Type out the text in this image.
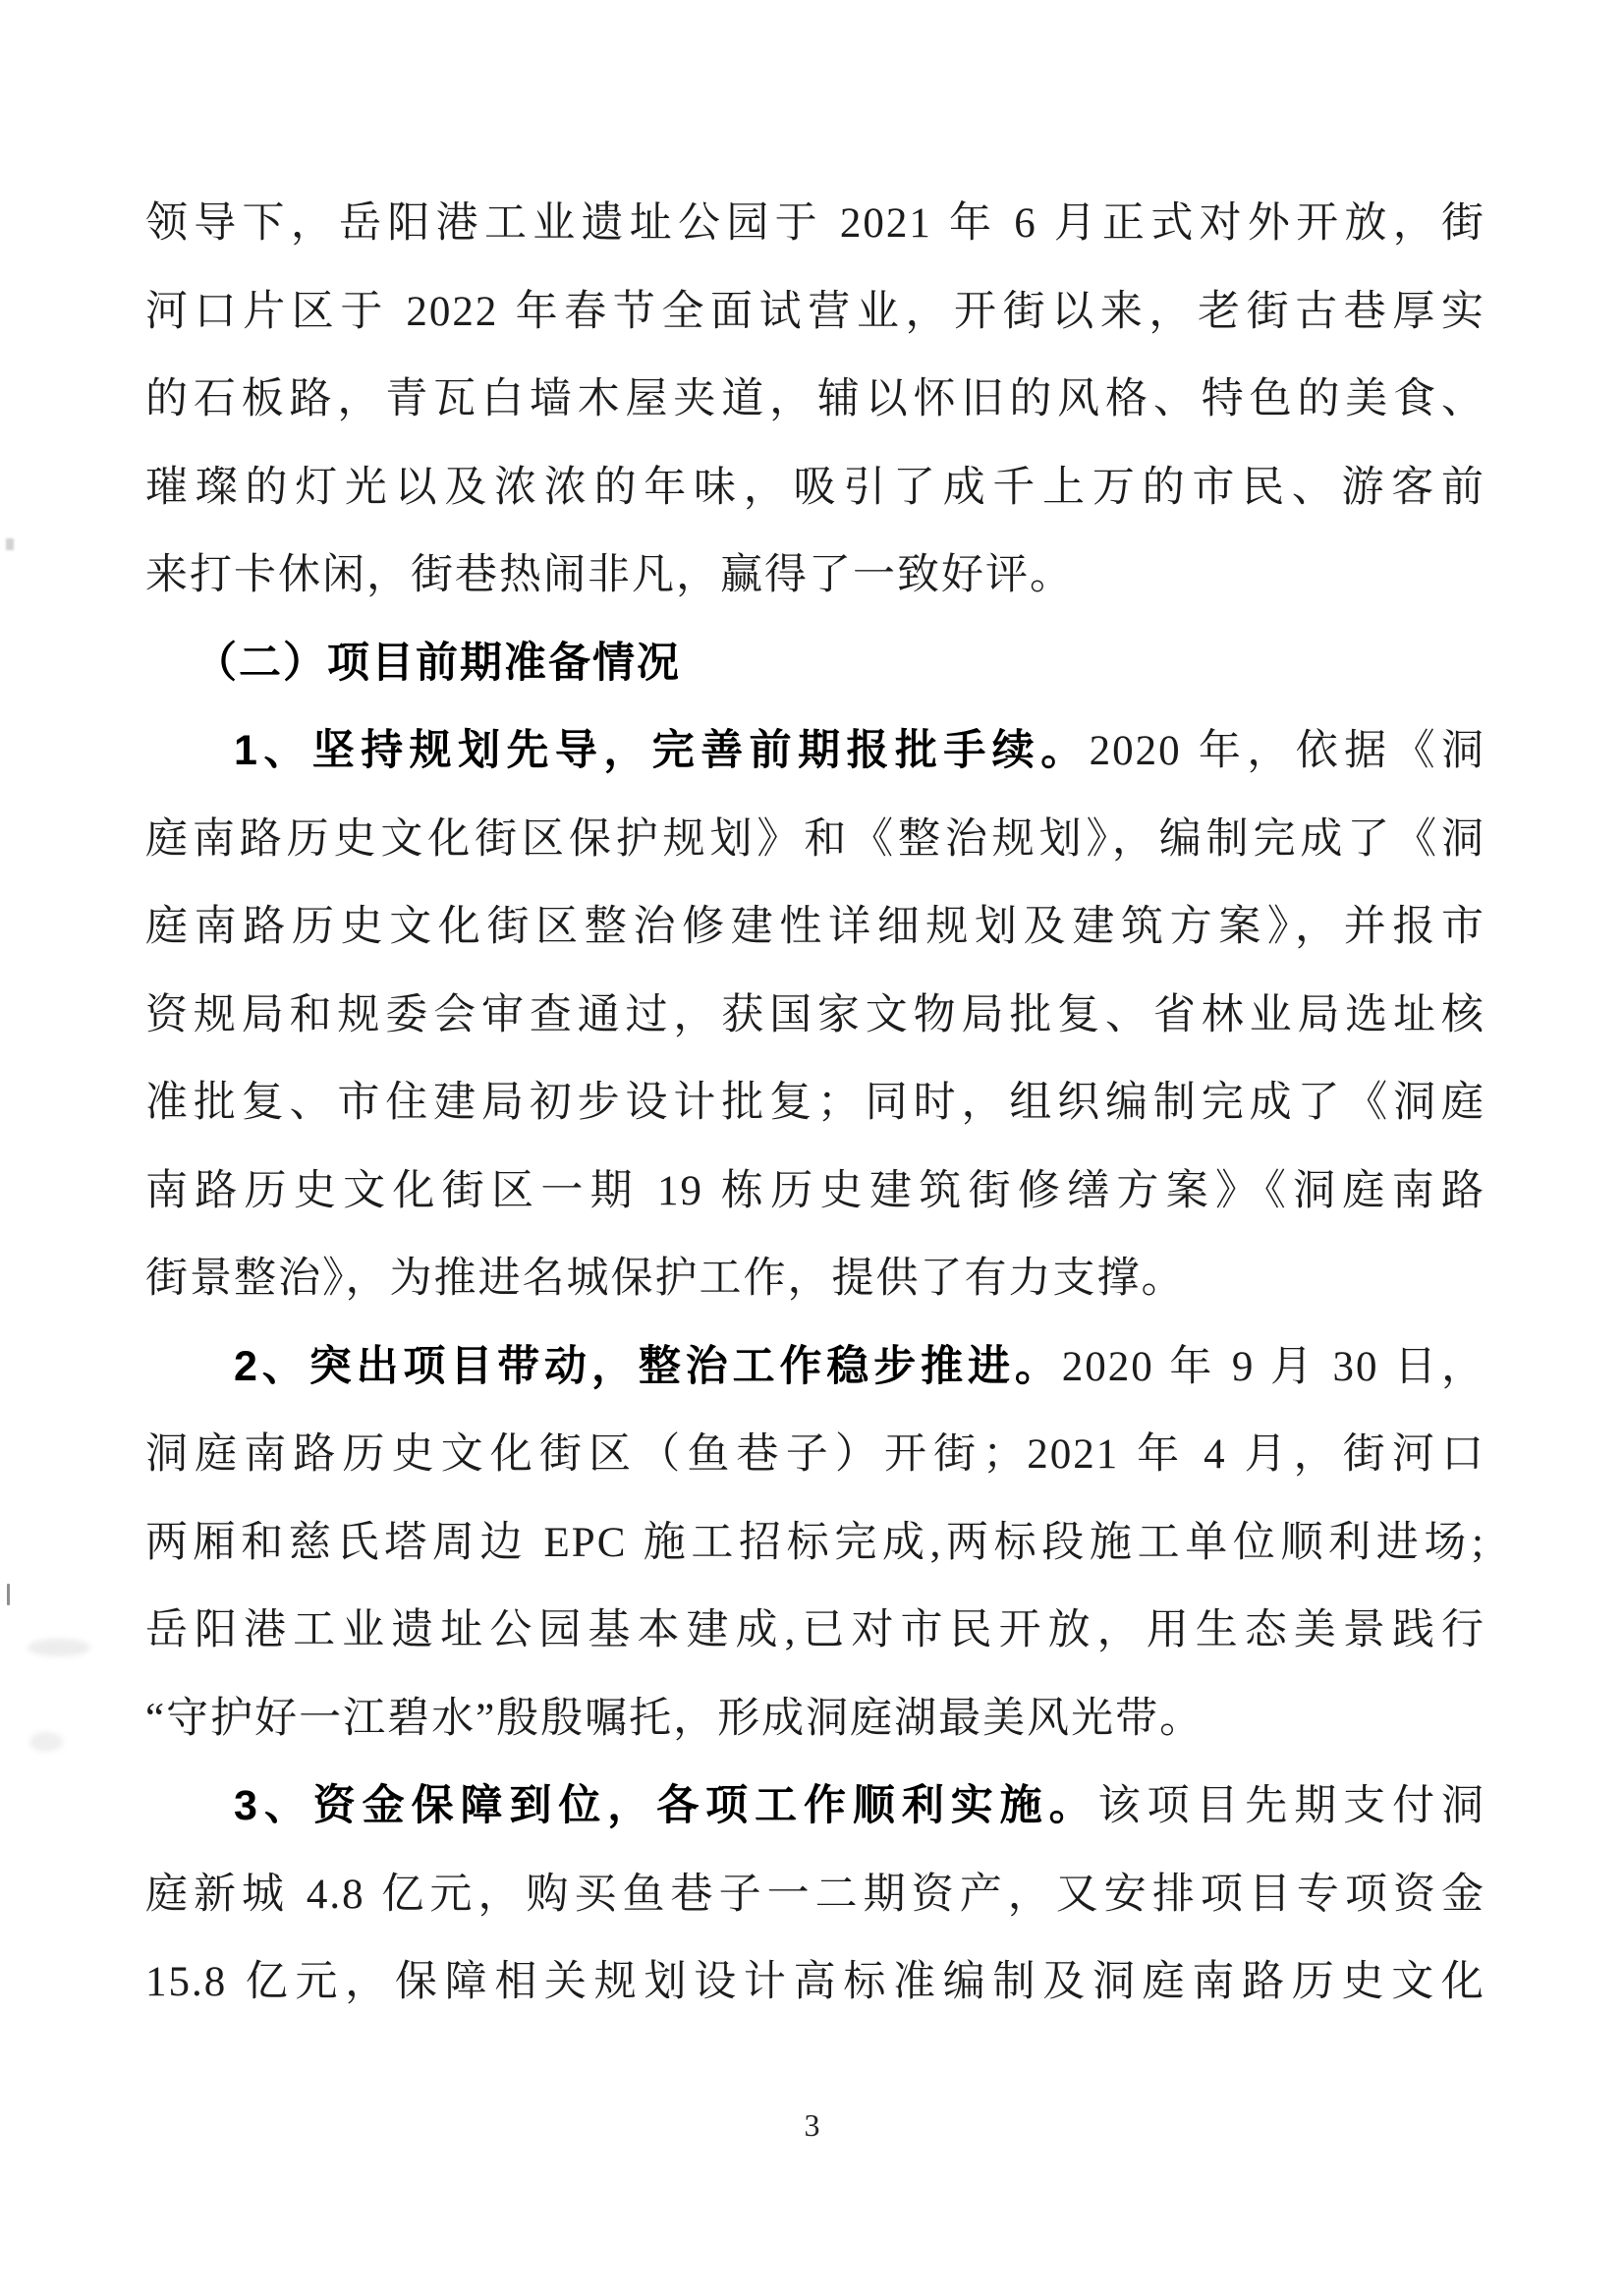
领导下，岳阳港工业遗址公园于 2021 年 6 月正式对外开放，街
河口片区于 2022 年春节全面试营业，开街以来，老街古巷厚实
的石板路，青瓦白墙木屋夹道，辅以怀旧的风格、特色的美食、
璀璨的灯光以及浓浓的年味，吸引了成千上万的市民、游客前
来打卡休闲，街巷热闹非凡，赢得了一致好评。
（二）项目前期准备情况
1、坚持规划先导，完善前期报批手续。2020 年，依据《洞
庭南路历史文化街区保护规划》和《整治规划》，编制完成了《洞
庭南路历史文化街区整治修建性详细规划及建筑方案》，并报市
资规局和规委会审查通过，获国家文物局批复、省林业局选址核
准批复、市住建局初步设计批复；同时，组织编制完成了《洞庭
南路历史文化街区一期 19 栋历史建筑街修缮方案》《洞庭南路
街景整治》，为推进名城保护工作，提供了有力支撑。
2、突出项目带动，整治工作稳步推进。2020 年 9 月 30 日，
洞庭南路历史文化街区（鱼巷子）开街；2021 年 4 月，街河口
两厢和慈氏塔周边 EPC 施工招标完成,两标段施工单位顺利进场;
岳阳港工业遗址公园基本建成,已对市民开放，用生态美景践行
“守护好一江碧水”殷殷嘱托，形成洞庭湖最美风光带。
3、资金保障到位，各项工作顺利实施。该项目先期支付洞
庭新城 4.8 亿元，购买鱼巷子一二期资产，又安排项目专项资金
15.8 亿元，保障相关规划设计高标准编制及洞庭南路历史文化
3
